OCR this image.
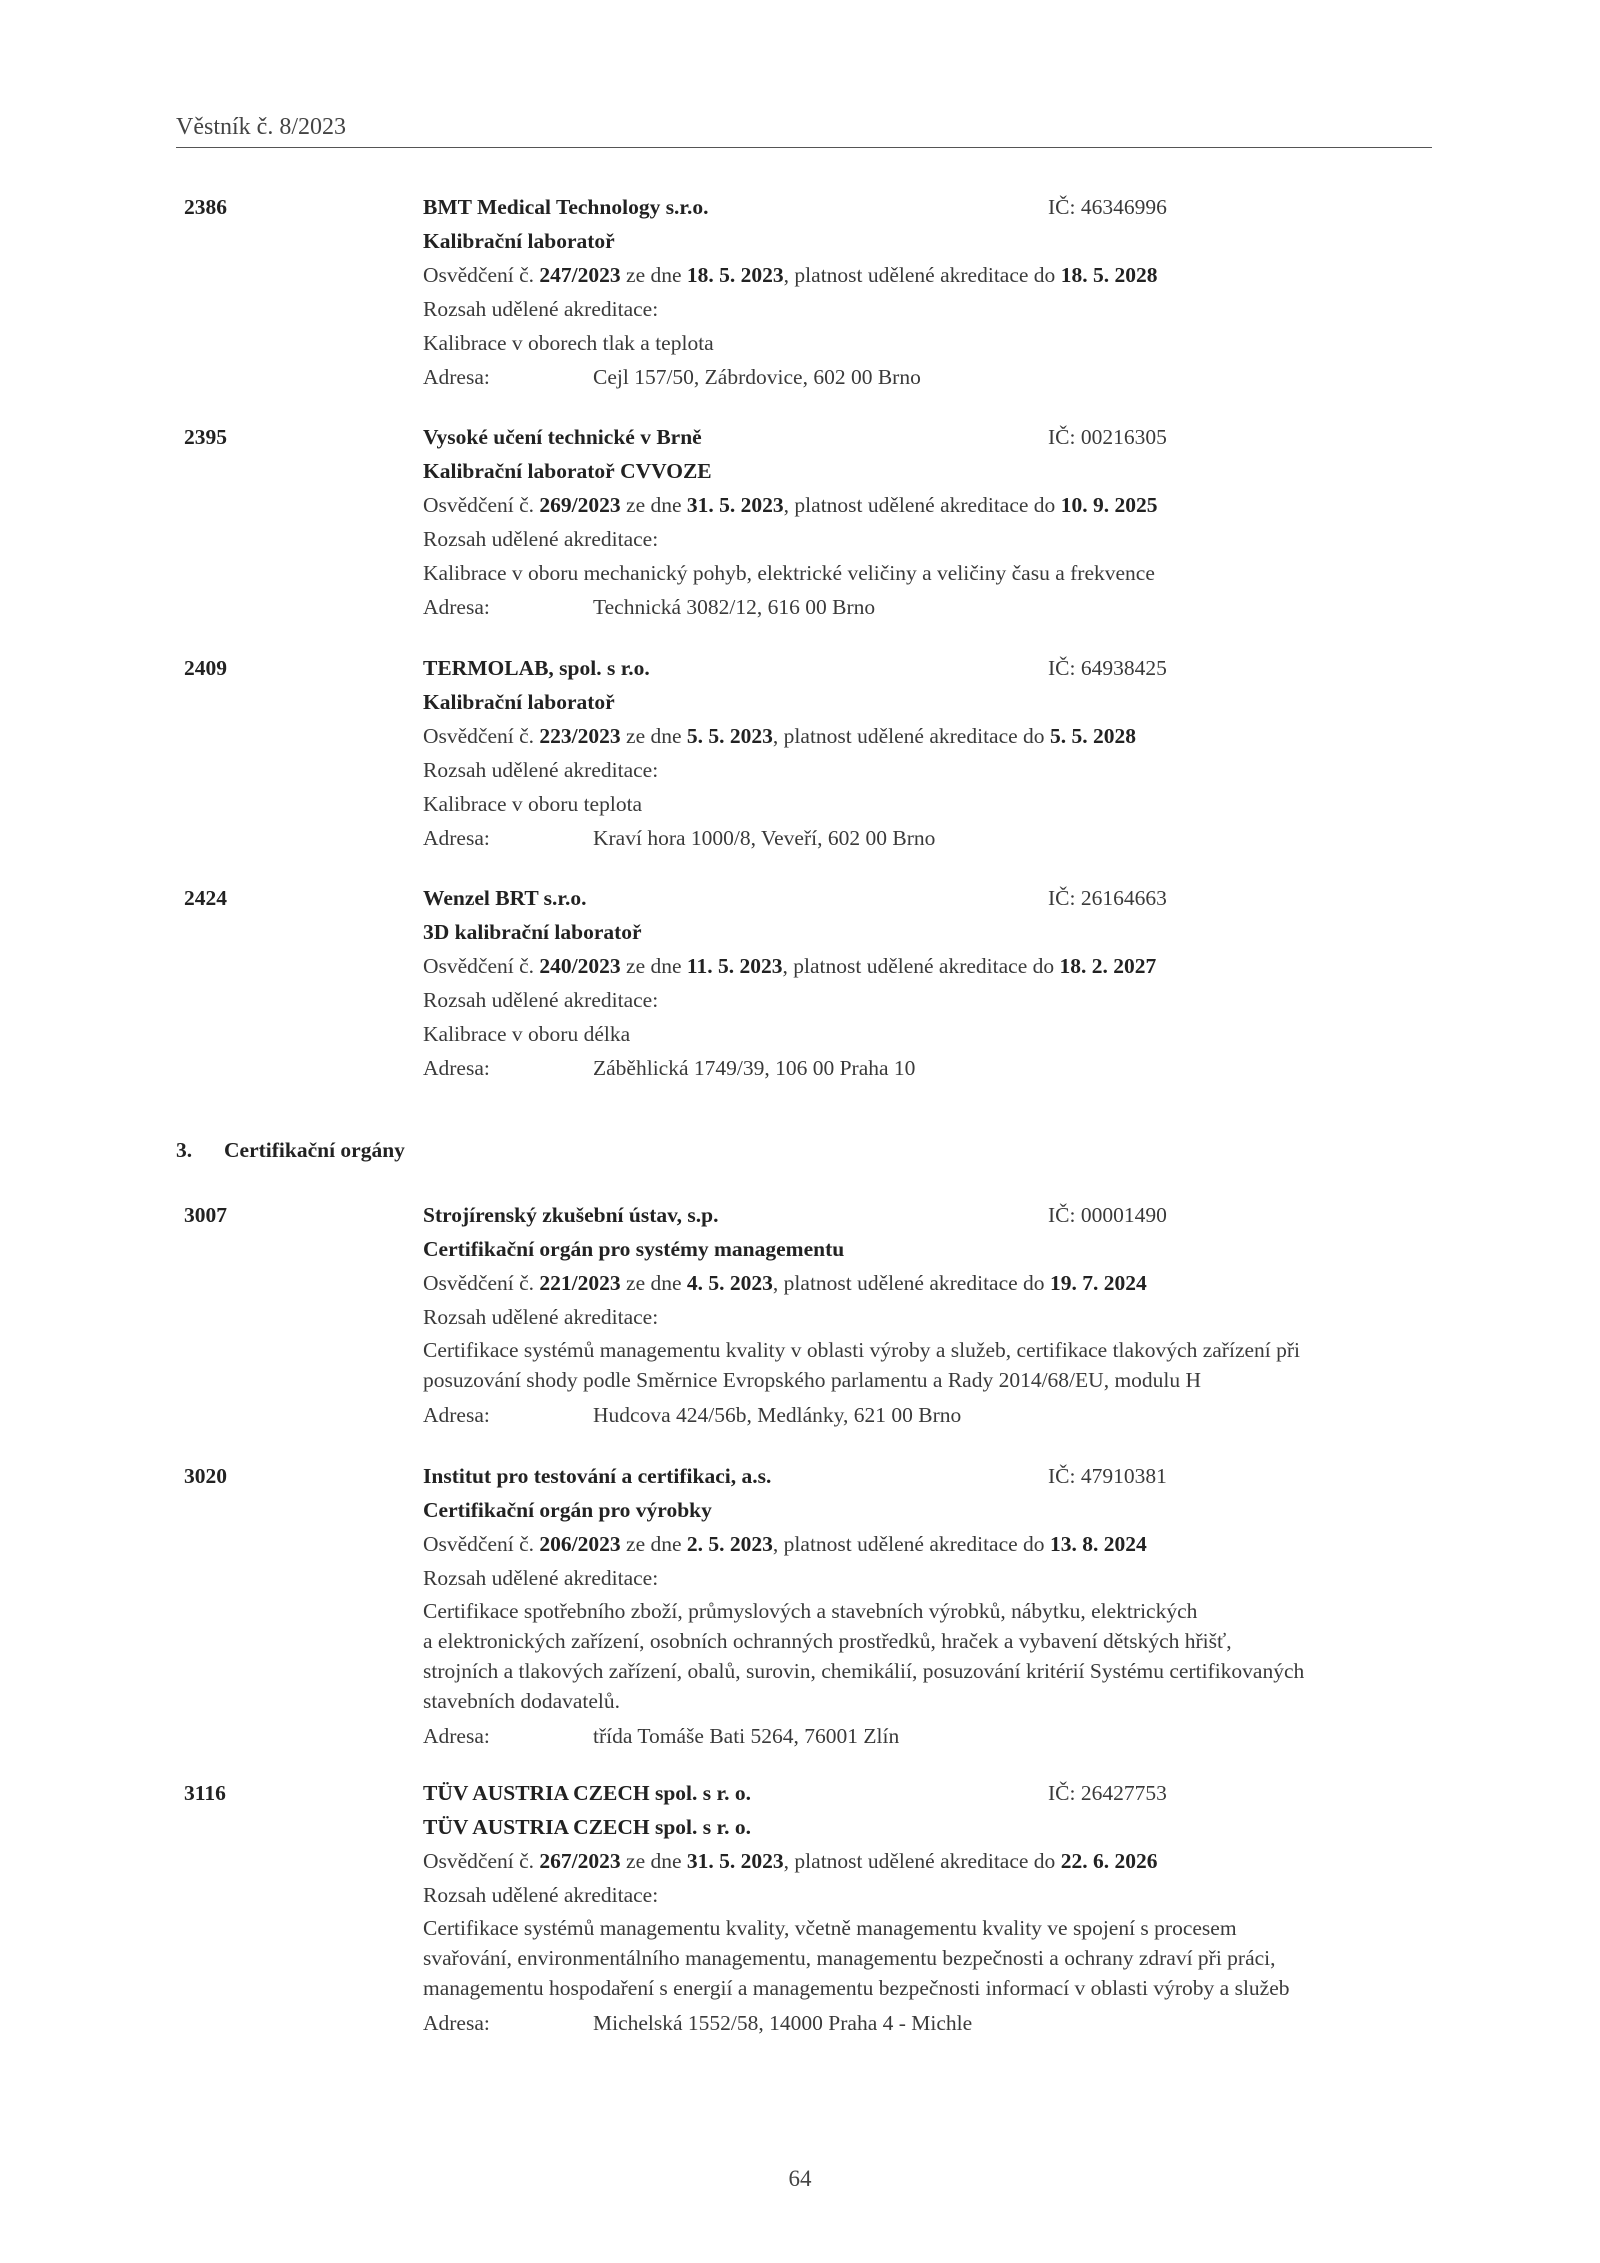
Věstník č. 8/2023
2386	BMT Medical Technology s.r.o.	IČ: 46346996
Kalibrační laboratoř
Osvědčení č. 247/2023 ze dne 18. 5. 2023, platnost udělené akreditace do 18. 5. 2028
Rozsah udělené akreditace:
Kalibrace v oborech tlak a teplota
Adresa:	Cejl 157/50, Zábrdovice, 602 00 Brno
2395	Vysoké učení technické v Brně	IČ: 00216305
Kalibrační laboratoř CVVOZE
Osvědčení č. 269/2023 ze dne 31. 5. 2023, platnost udělené akreditace do 10. 9. 2025
Rozsah udělené akreditace:
Kalibrace v oboru mechanický pohyb, elektrické veličiny a veličiny času a frekvence
Adresa:	Technická 3082/12, 616 00 Brno
2409	TERMOLAB, spol. s r.o.	IČ: 64938425
Kalibrační laboratoř
Osvědčení č. 223/2023 ze dne 5. 5. 2023, platnost udělené akreditace do 5. 5. 2028
Rozsah udělené akreditace:
Kalibrace v oboru teplota
Adresa:	Kraví hora 1000/8, Veveří, 602 00 Brno
2424	Wenzel BRT s.r.o.	IČ: 26164663
3D kalibrační laboratoř
Osvědčení č. 240/2023 ze dne 11. 5. 2023, platnost udělené akreditace do 18. 2. 2027
Rozsah udělené akreditace:
Kalibrace v oboru délka
Adresa:	Záběhlická 1749/39, 106 00 Praha 10
3. Certifikační orgány
3007	Strojírenský zkušební ústav, s.p.	IČ: 00001490
Certifikační orgán pro systémy managementu
Osvědčení č. 221/2023 ze dne 4. 5. 2023, platnost udělené akreditace do 19. 7. 2024
Rozsah udělené akreditace:
Certifikace systémů managementu kvality v oblasti výroby a služeb, certifikace tlakových zařízení při
posuzování shody podle Směrnice Evropského parlamentu a Rady 2014/68/EU, modulu H
Adresa:	Hudcova 424/56b, Medlánky, 621 00 Brno
3020	Institut pro testování a certifikaci, a.s.	IČ: 47910381
Certifikační orgán pro výrobky
Osvědčení č. 206/2023 ze dne 2. 5. 2023, platnost udělené akreditace do 13. 8. 2024
Rozsah udělené akreditace:
Certifikace spotřebního zboží, průmyslových a stavebních výrobků, nábytku, elektrických
a elektronických zařízení, osobních ochranných prostředků, hraček a vybavení dětských hřišť,
strojních a tlakových zařízení, obalů, surovin, chemikálií, posuzování kritérií Systému certifikovaných
stavebních dodavatelů.
Adresa:	třída Tomáše Bati 5264, 76001 Zlín
3116	TÜV AUSTRIA CZECH spol. s r. o.	IČ: 26427753
TÜV AUSTRIA CZECH spol. s r. o.
Osvědčení č. 267/2023 ze dne 31. 5. 2023, platnost udělené akreditace do 22. 6. 2026
Rozsah udělené akreditace:
Certifikace systémů managementu kvality, včetně managementu kvality ve spojení s procesem
svařování, environmentálního managementu, managementu bezpečnosti a ochrany zdraví při práci,
managementu hospodaření s energií a managementu bezpečnosti informací v oblasti výroby a služeb
Adresa:	Michelská 1552/58, 14000 Praha 4 - Michle
64
